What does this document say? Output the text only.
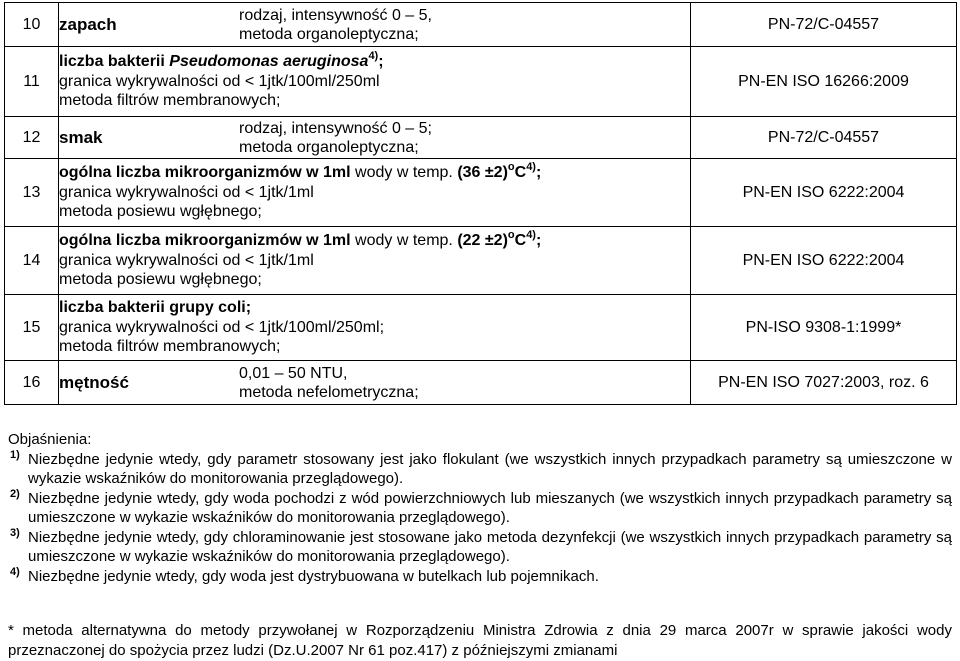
10	zapach rodzaj, intensywność 0 – 5,
metoda organoleptyczna;	PN-72/C-04557
11	liczba bakterii Pseudomonas aeruginosa$^{4)}$;
granica wykrywalności od < 1jtk/100ml/250ml
metoda filtrów membranowych;	PN-EN ISO 16266:2009
12	smak rodzaj, intensywność 0 – 5;
metoda organoleptyczna;	PN-72/C-04557
13	ogólna liczba mikroorganizmów w 1ml wody w temp. $(36 \pm 2)^oC^{4)}$;
granica wykrywalności od < 1jtk/1ml
metoda posiewu wgłębnego;	PN-EN ISO 6222:2004
14	ogólna liczba mikroorganizmów w 1ml wody w temp. $(22 \pm 2)^oC^{4)}$;
granica wykrywalności od < 1jtk/1ml
metoda posiewu wgłębnego;	PN-EN ISO 6222:2004
15	liczba bakterii grupy coli;
granica wykrywalności od < 1jtk/100ml/250ml;
metoda filtrów membranowych;	PN-ISO 9308-1:1999*
16	mętność 0,01 – 50 NTU,
metoda nefelometryczna;	PN-EN ISO 7027:2003, roz. 6
Objaśnienia:
1) Niezbędne jedynie wtedy, gdy parametr stosowany jest jako flokulant (we wszystkich innych przypadkach parametry są umieszczone w wykazie wskaźników do monitorowania przeglądowego).

2) Niezbędne jedynie wtedy, gdy woda pochodzi z wód powierzchniowych lub mieszanych (we wszystkich innych przypadkach parametry są umieszczone w wykazie wskaźników do monitorowania przeglądowego).

3) Niezbędne jedynie wtedy, gdy chloraminowanie jest stosowane jako metoda dezynfekcji (we wszystkich innych przypadkach parametry są umieszczone w wykazie wskaźników do monitorowania przeglądowego).

4) Niezbędne jedynie wtedy, gdy woda jest dystrybuowana w butelkach lub pojemnikach.

* metoda alternatywna do metody przywołanej w Rozporządzeniu Ministra Zdrowia z dnia 29 marca 2007r w sprawie jakości wody przeznaczonej do spożycia przez ludzi (Dz.U.2007 Nr 61 poz.417) z późniejszymi zmianami
